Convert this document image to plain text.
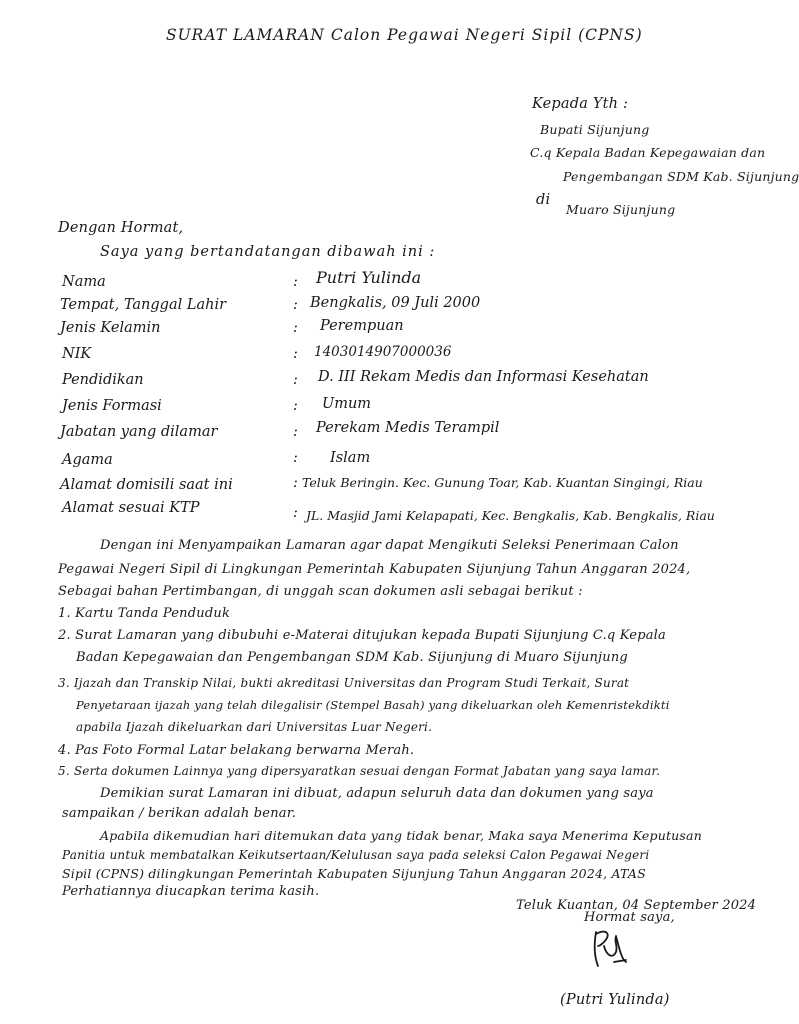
SURAT LAMARAN Calon Pegawai Negeri Sipil (CPNS)
Kepada Yth :
Bupati Sijunjung
C.q Kepala Badan Kepegawaian dan
Pengembangan SDM Kab. Sijunjung
di
Muaro Sijunjung
Dengan Hormat,
Saya yang bertandatangan dibawah ini :
Nama	: Putri Yulinda
Tempat, Tanggal Lahir	: Bengkalis, 09 Juli 2000
Jenis Kelamin	: Perempuan
NIK	: 1403014907000036
Pendidikan	: D. III Rekam Medis dan Informasi Kesehatan
Jenis Formasi	: Umum
Jabatan yang dilamar	: Perekam Medis Terampil
Agama	: Islam
Alamat domisili saat ini	: Teluk Beringin. Kec. Gunung Toar, Kab. Kuantan Singingi, Riau
Alamat sesuai KTP	: JL. Masjid Jami Kelapapati, Kec. Bengkalis, Kab. Bengkalis, Riau
Dengan ini Menyampaikan Lamaran agar dapat Mengikuti Seleksi Penerimaan Calon
Pegawai Negeri Sipil di Lingkungan Pemerintah Kabupaten Sijunjung Tahun Anggaran 2024,
Sebagai bahan Pertimbangan, di unggah scan dokumen asli sebagai berikut :
1. Kartu Tanda Penduduk
2. Surat Lamaran yang dibubuhi e-Materai ditujukan kepada Bupati Sijunjung C.q Kepala
Badan Kepegawaian dan Pengembangan SDM Kab. Sijunjung di Muaro Sijunjung
3. Ijazah dan Transkip Nilai, bukti akreditasi Universitas dan Program Studi Terkait, Surat
Penyetaraan ijazah yang telah dilegalisir (Stempel Basah) yang dikeluarkan oleh Kemenristekdikti
apabila Ijazah dikeluarkan dari Universitas Luar Negeri.
4. Pas Foto Formal Latar belakang berwarna Merah.
5. Serta dokumen Lainnya yang dipersyaratkan sesuai dengan Format Jabatan yang saya lamar.
Demikian surat Lamaran ini dibuat, adapun seluruh data dan dokumen yang saya
sampaikan / berikan adalah benar.
Apabila dikemudian hari ditemukan data yang tidak benar, Maka saya Menerima Keputusan
Panitia untuk membatalkan Keikutsertaan/Kelulusan saya pada seleksi Calon Pegawai Negeri
Sipil (CPNS) dilingkungan Pemerintah Kabupaten Sijunjung Tahun Anggaran 2024, ATAS
Perhatiannya diucapkan terima kasih.
Teluk Kuantan, 04 September 2024
Hormat saya,
(Putri Yulinda)
